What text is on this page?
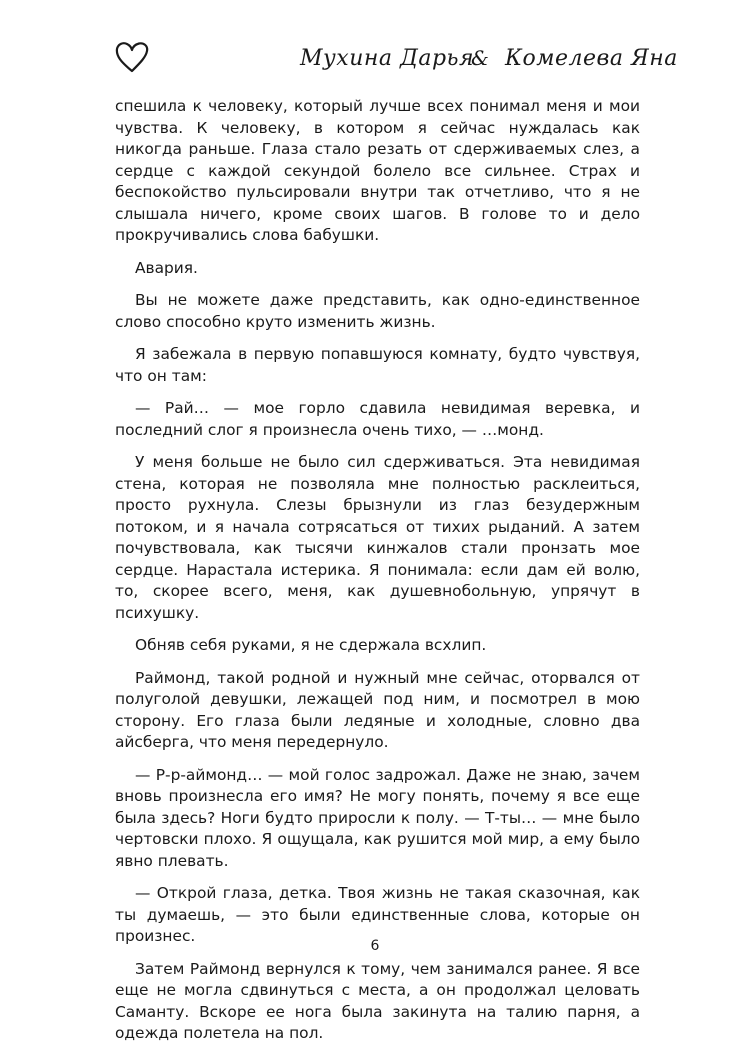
Мухина Дарья
& Комелева Яна

спешила к человеку, который лучше всех понимал меня и мои чувства. К человеку, в котором я сейчас нуждалась как никогда раньше. Глаза стало резать от сдерживаемых слез, а сердце с каждой секундой болело все сильнее. Страх и беспокойство пульсировали внутри так отчетливо, что я не слышала ничего, кроме своих шагов. В голове то и дело прокручивались слова бабушки.

Авария.

Вы не можете даже представить, как одно-единственное слово способно круто изменить жизнь.

Я забежала в первую попавшуюся комнату, будто чувствуя, что он там:

— Рай… — мое горло сдавила невидимая веревка, и последний слог я произнесла очень тихо, — …монд.

У меня больше не было сил сдерживаться. Эта невидимая стена, которая не позволяла мне полностью расклеиться, просто рухнула. Слезы брызнули из глаз безудержным потоком, и я начала сотрясаться от тихих рыданий. А затем почувствовала, как тысячи кинжалов стали пронзать мое сердце. Нарастала истерика. Я понимала: если дам ей волю, то, скорее всего, меня, как душевнобольную, упрячут в психушку.

Обняв себя руками, я не сдержала всхлип.

Раймонд, такой родной и нужный мне сейчас, оторвался от полуголой девушки, лежащей под ним, и посмотрел в мою сторону. Его глаза были ледяные и холодные, словно два айсберга, что меня передернуло.

— Р-р-аймонд… — мой голос задрожал. Даже не знаю, зачем вновь произнесла его имя? Не могу понять, почему я все еще была здесь? Ноги будто приросли к полу. — Т-ты… — мне было чертовски плохо. Я ощущала, как рушится мой мир, а ему было явно плевать.

— Открой глаза, детка. Твоя жизнь не такая сказочная, как ты думаешь, — это были единственные слова, которые он произнес.

Затем Раймонд вернулся к тому, чем занимался ранее. Я все еще не могла сдвинуться с места, а он продолжал целовать Саманту. Вскоре ее нога была закинута на талию парня, а одежда полетела на пол.

6
